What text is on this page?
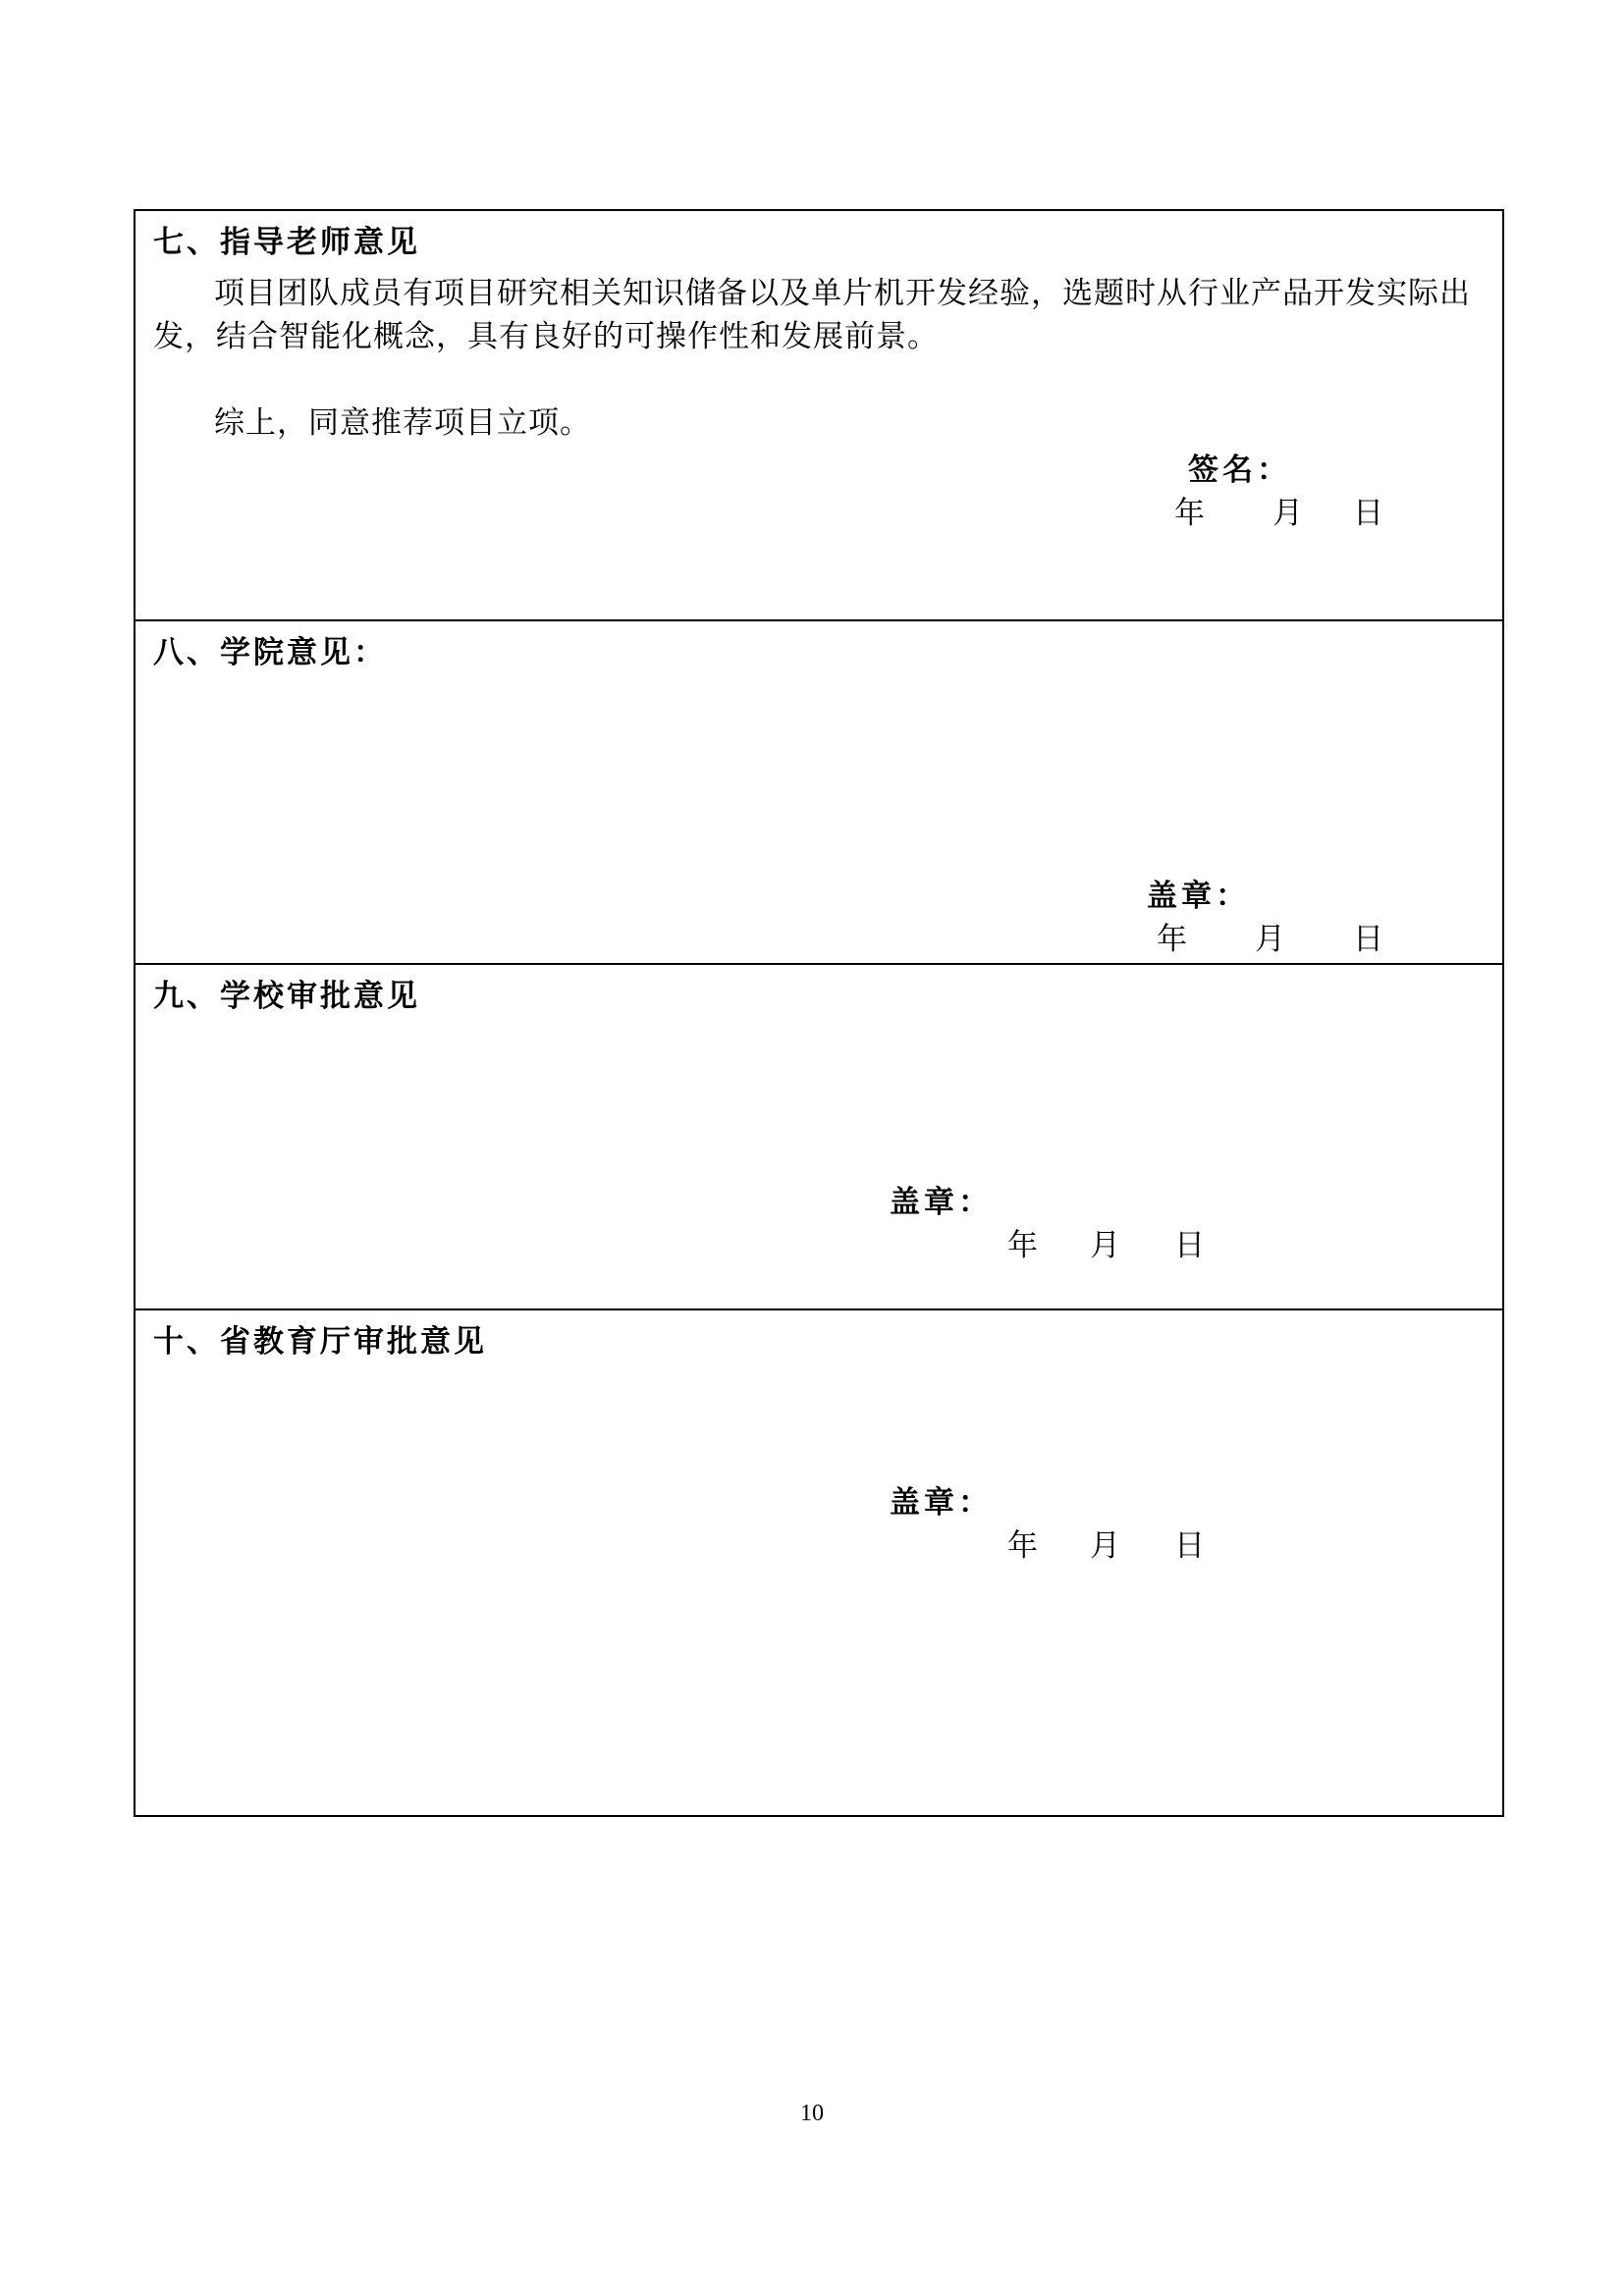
七、指导老师意见
项目团队成员有项目研究相关知识储备以及单片机开发经验，选题时从行业产品开发实际出发，结合智能化概念，具有良好的可操作性和发展前景。
综上，同意推荐项目立项。
签名：
年 月 日

八、学院意见：
盖章：
年 月 日

九、学校审批意见
盖章：
年 月 日

十、省教育厅审批意见
盖章：
年 月 日
10
